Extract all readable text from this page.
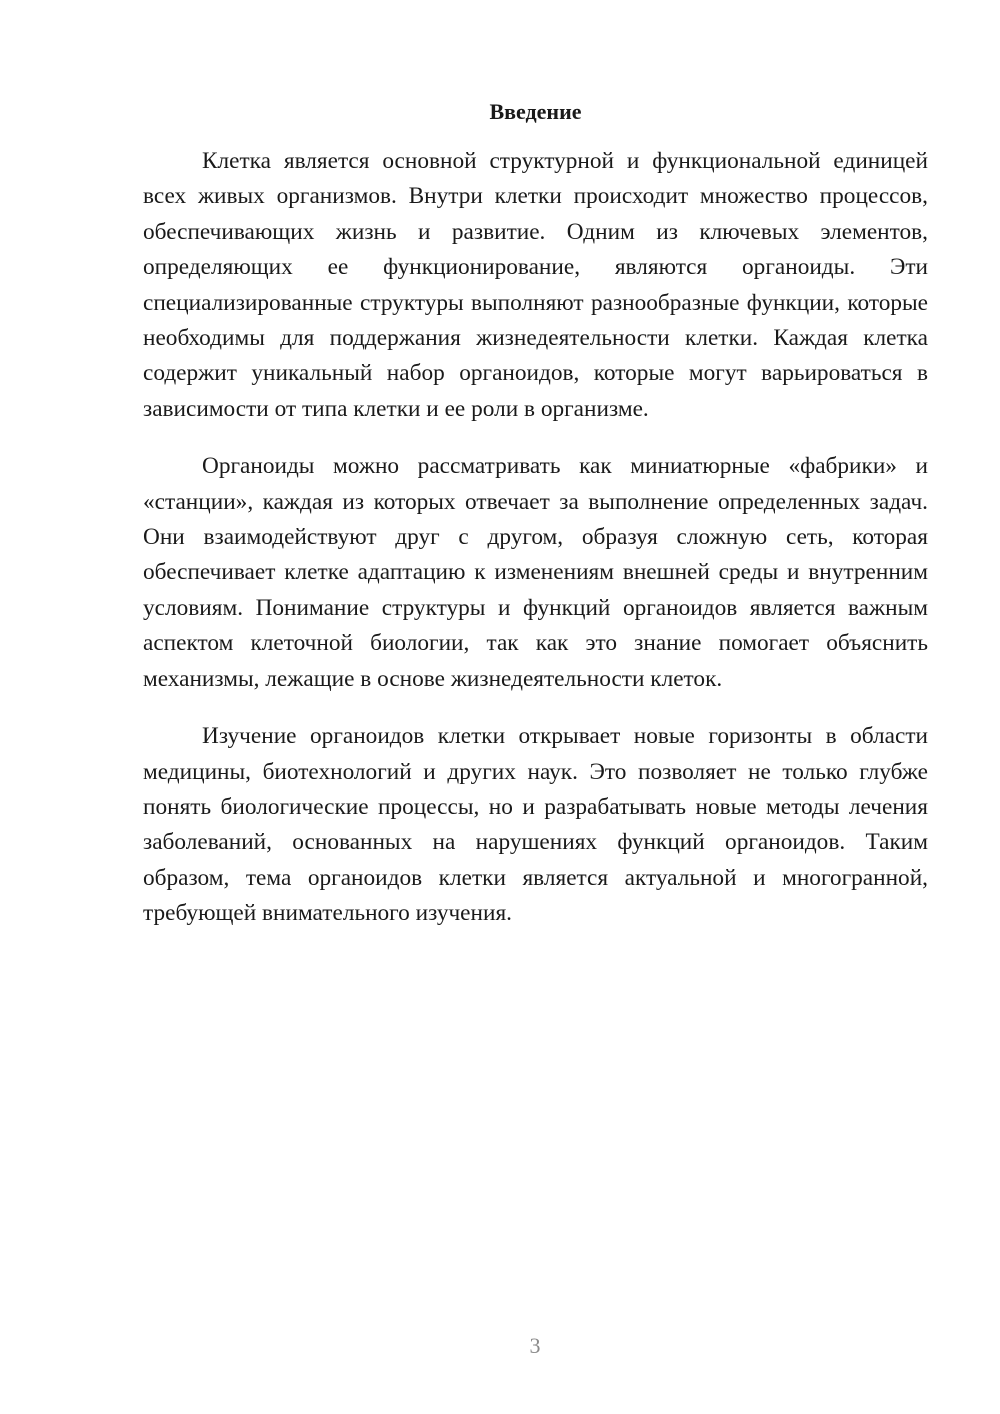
Введение

Клетка является основной структурной и функциональной единицей всех живых организмов. Внутри клетки происходит множество процессов, обеспечивающих жизнь и развитие. Одним из ключевых элементов, определяющих ее функционирование, являются органоиды. Эти специализированные структуры выполняют разнообразные функции, которые необходимы для поддержания жизнедеятельности клетки. Каждая клетка содержит уникальный набор органоидов, которые могут варьироваться в зависимости от типа клетки и ее роли в организме.

Органоиды можно рассматривать как миниатюрные «фабрики» и «станции», каждая из которых отвечает за выполнение определенных задач. Они взаимодействуют друг с другом, образуя сложную сеть, которая обеспечивает клетке адаптацию к изменениям внешней среды и внутренним условиям. Понимание структуры и функций органоидов является важным аспектом клеточной биологии, так как это знание помогает объяснить механизмы, лежащие в основе жизнедеятельности клеток.

Изучение органоидов клетки открывает новые горизонты в области медицины, биотехнологий и других наук. Это позволяет не только глубже понять биологические процессы, но и разрабатывать новые методы лечения заболеваний, основанных на нарушениях функций органоидов. Таким образом, тема органоидов клетки является актуальной и многогранной, требующей внимательного изучения.

3
